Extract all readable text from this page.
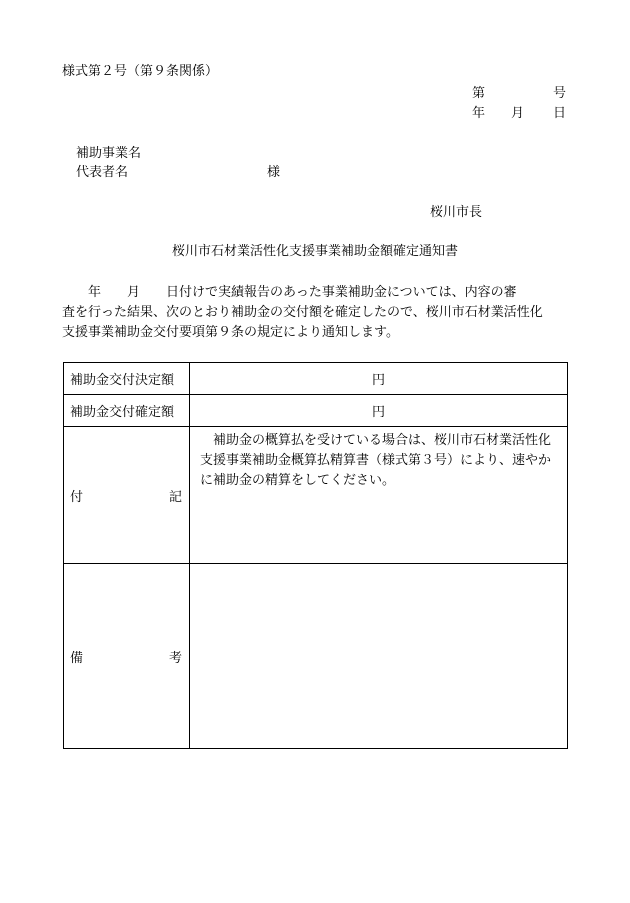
様式第２号（第９条関係）
第	号
年 月 日
補助事業名
代表者名	様
桜川市長
桜川市石材業活性化支援事業補助金額確定通知書
　　年　　月　　日付けで実績報告のあった事業補助金については、内容の審
査を行った結果、次のとおり補助金の交付額を確定したので、桜川市石材業活性化
支援事業補助金交付要項第９条の規定により通知します。
補助金交付決定額	円
補助金交付確定額	円

付 記	補助金の概算払を受けている場合は、桜川市石材業活性化支援事業補助金概算払精算書（様式第３号）により、速やかに補助金の精算をしてください。

備 考	
